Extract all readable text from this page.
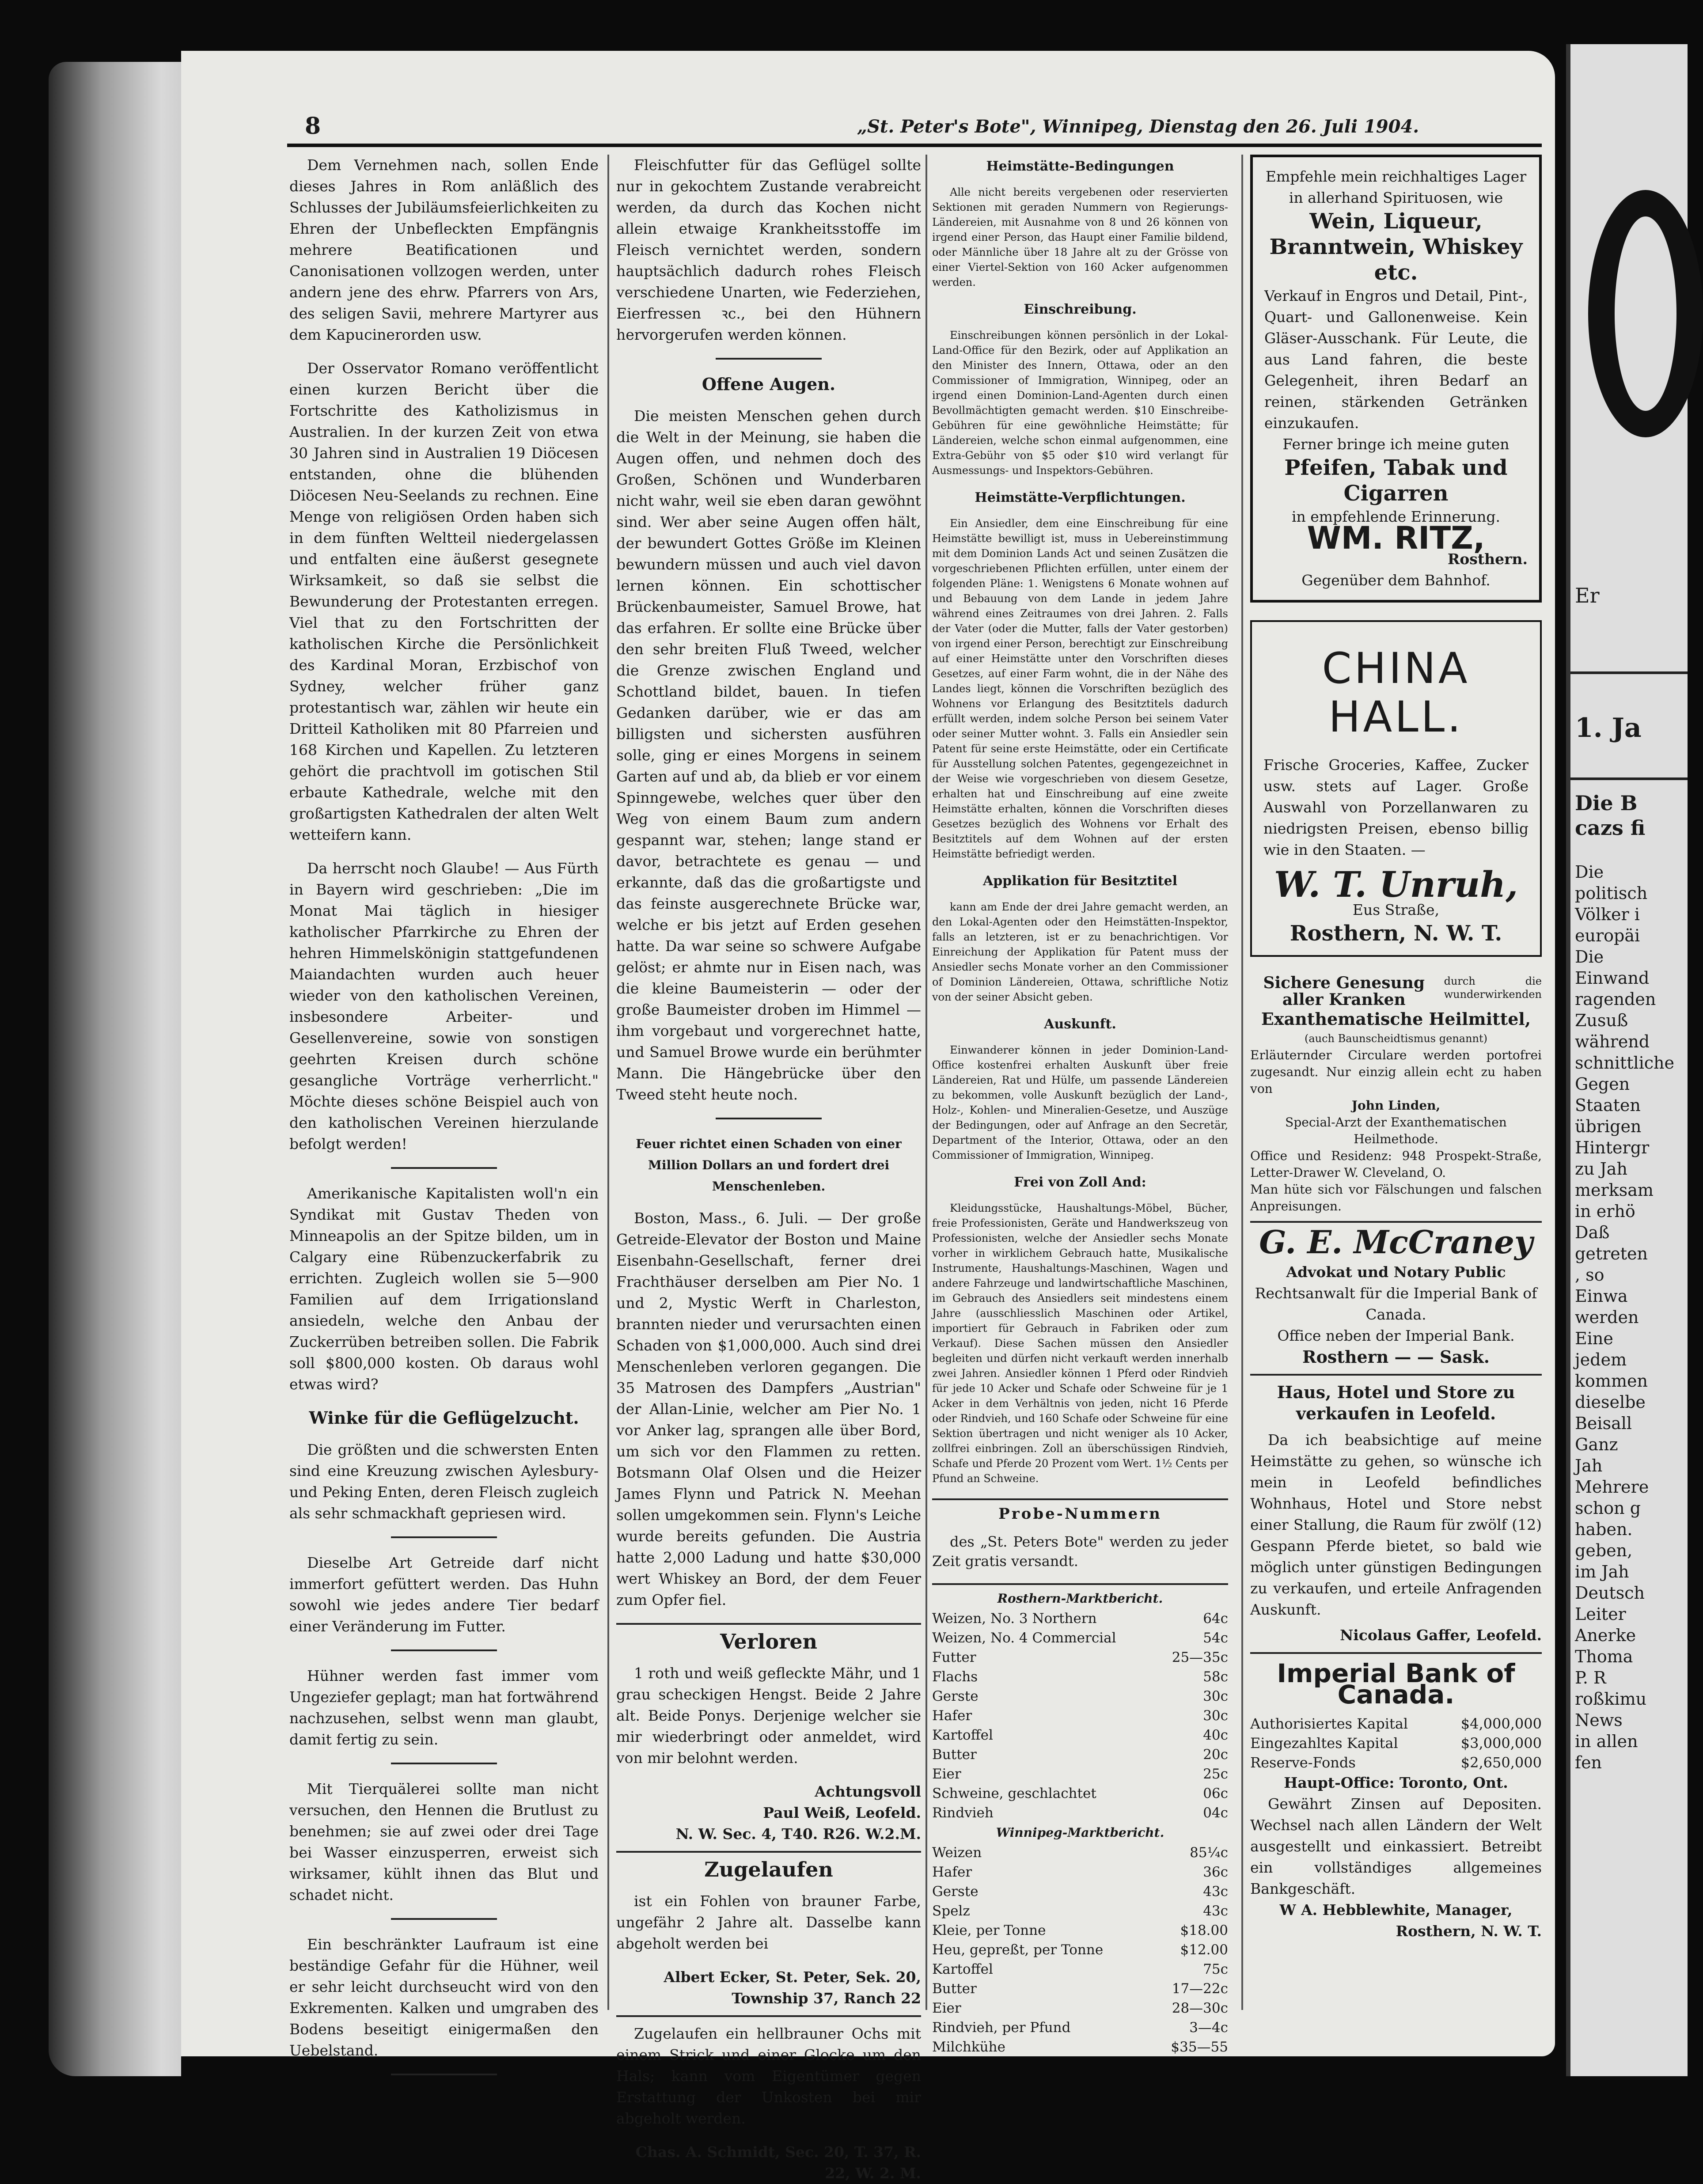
8	„St. Peter's Bote", Winnipeg, Dienstag den 26. Juli 1904.

Dem Vernehmen nach, sollen Ende dieses Jahres in Rom anläßlich des Schlusses der Jubiläumsfeierlichkeiten zu Ehren der Unbefleckten Empfängnis mehrere Beatificationen und Canonisationen vollzogen werden, unter andern jene des ehrw. Pfarrers von Ars, des seligen Savii, mehrere Martyrer aus dem Kapucinerorden usw.

Der Osservator Romano veröffentlicht einen kurzen Bericht über die Fortschritte des Katholizismus in Australien. In der kurzen Zeit von etwa 30 Jahren sind in Australien 19 Diöcesen entstanden, ohne die blühenden Diöcesen Neu-Seelands zu rechnen. Eine Menge von religiösen Orden haben sich in dem fünften Weltteil niedergelassen und entfalten eine äußerst gesegnete Wirksamkeit, so daß sie selbst die Bewunderung der Protestanten erregen. Viel that zu den Fortschritten der katholischen Kirche die Persönlichkeit des Kardinal Moran, Erzbischof von Sydney, welcher früher ganz protestantisch war, zählen wir heute ein Dritteil Katholiken mit 80 Pfarreien und 168 Kirchen und Kapellen. Zu letzteren gehört die prachtvoll im gotischen Stil erbaute Kathedrale, welche mit den großartigsten Kathedralen der alten Welt wetteifern kann.

Da herrscht noch Glaube! — Aus Fürth in Bayern wird geschrieben: „Die im Monat Mai täglich in hiesiger katholischer Pfarrkirche zu Ehren der hehren Himmelskönigin stattgefundenen Maiandachten wurden auch heuer wieder von den katholischen Vereinen, insbesondere Arbeiter- und Gesellenvereine, sowie von sonstigen geehrten Kreisen durch schöne gesangliche Vorträge verherrlicht." Möchte dieses schöne Beispiel auch von den katholischen Vereinen hierzulande befolgt werden!

Amerikanische Kapitalisten woll'n ein Syndikat mit Gustav Theden von Minneapolis an der Spitze bilden, um in Calgary eine Rübenzuckerfabrik zu errichten. Zugleich wollen sie 5—900 Familien auf dem Irrigationsland ansiedeln, welche den Anbau der Zuckerrüben betreiben sollen. Die Fabrik soll $800,000 kosten. Ob daraus wohl etwas wird?

Winke für die Geflügelzucht.

Die größten und die schwersten Enten sind eine Kreuzung zwischen Aylesbury- und Peking Enten, deren Fleisch zugleich als sehr schmackhaft gepriesen wird.

Dieselbe Art Getreide darf nicht immerfort gefüttert werden. Das Huhn sowohl wie jedes andere Tier bedarf einer Veränderung im Futter.

Hühner werden fast immer vom Ungeziefer geplagt; man hat fortwährend nachzusehen, selbst wenn man glaubt, damit fertig zu sein.

Mit Tierquälerei sollte man nicht versuchen, den Hennen die Brutlust zu benehmen; sie auf zwei oder drei Tage bei Wasser einzusperren, erweist sich wirksamer, kühlt ihnen das Blut und schadet nicht.

Ein beschränkter Laufraum ist eine beständige Gefahr für die Hühner, weil er sehr leicht durchseucht wird von den Exkrementen. Kalken und umgraben des Bodens beseitigt einigermaßen den Uebelstand.

Fleischfutter für das Geflügel sollte nur in gekochtem Zustande verabreicht werden, da durch das Kochen nicht allein etwaige Krankheitsstoffe im Fleisch vernichtet werden, sondern hauptsächlich dadurch rohes Fleisch verschiedene Unarten, wie Federziehen, Eierfressen ꝛc., bei den Hühnern hervorgerufen werden können.

Offene Augen.

Die meisten Menschen gehen durch die Welt in der Meinung, sie haben die Augen offen, und nehmen doch des Großen, Schönen und Wunderbaren nicht wahr, weil sie eben daran gewöhnt sind. Wer aber seine Augen offen hält, der bewundert Gottes Größe im Kleinen bewundern müssen und auch viel davon lernen können. Ein schottischer Brückenbaumeister, Samuel Browe, hat das erfahren. Er sollte eine Brücke über den sehr breiten Fluß Tweed, welcher die Grenze zwischen England und Schottland bildet, bauen. In tiefen Gedanken darüber, wie er das am billigsten und sichersten ausführen solle, ging er eines Morgens in seinem Garten auf und ab, da blieb er vor einem Spinngewebe, welches quer über den Weg von einem Baum zum andern gespannt war, stehen; lange stand er davor, betrachtete es genau — und erkannte, daß das die großartigste und das feinste ausgerechnete Brücke war, welche er bis jetzt auf Erden gesehen hatte. Da war seine so schwere Aufgabe gelöst; er ahmte nur in Eisen nach, was die kleine Baumeisterin — oder der große Baumeister droben im Himmel — ihm vorgebaut und vorgerechnet hatte, und Samuel Browe wurde ein berühmter Mann. Die Hängebrücke über den Tweed steht heute noch.

Feuer richtet einen Schaden von einer Million Dollars an und fordert drei Menschenleben.

Boston, Mass., 6. Juli. — Der große Getreide-Elevator der Boston und Maine Eisenbahn-Gesellschaft, ferner drei Frachthäuser derselben am Pier No. 1 und 2, Mystic Werft in Charleston, brannten nieder und verursachten einen Schaden von $1,000,000. Auch sind drei Menschenleben verloren gegangen. Die 35 Matrosen des Dampfers „Austrian" der Allan-Linie, welcher am Pier No. 1 vor Anker lag, sprangen alle über Bord, um sich vor den Flammen zu retten. Botsmann Olaf Olsen und die Heizer James Flynn und Patrick N. Meehan sollen umgekommen sein. Flynn's Leiche wurde bereits gefunden. Die Austria hatte 2,000 Ladung und hatte $30,000 wert Whiskey an Bord, der dem Feuer zum Opfer fiel.

Verloren

1 roth und weiß gefleckte Mähr, und 1 grau scheckigen Hengst. Beide 2 Jahre alt. Beide Ponys. Derjenige welcher sie mir wiederbringt oder anmeldet, wird von mir belohnt werden.

Achtungsvoll
Paul Weiß, Leofeld.
N. W. Sec. 4, T40. R26. W.2.M.
Zugelaufen

ist ein Fohlen von brauner Farbe, ungefähr 2 Jahre alt. Dasselbe kann abgeholt werden bei

Albert Ecker, St. Peter, Sek. 20, Township 37, Ranch 22

Zugelaufen ein hellbrauner Ochs mit einem Strick und einer Glocke um den Hals; kann vom Eigentümer gegen Erstattung der Unkosten bei mir abgeholt werden.

Chas. A. Schmidt, Sec. 20, T. 37, R. 22, W. 2. M.
Heimstätte-Bedingungen

Alle nicht bereits vergebenen oder reservierten Sektionen mit geraden Nummern von Regierungs-Ländereien, mit Ausnahme von 8 und 26 können von irgend einer Person, das Haupt einer Familie bildend, oder Männliche über 18 Jahre alt zu der Grösse von einer Viertel-Sektion von 160 Acker aufgenommen werden.

Einschreibung.

Einschreibungen können persönlich in der Lokal-Land-Office für den Bezirk, oder auf Applikation an den Minister des Innern, Ottawa, oder an den Commissioner of Immigration, Winnipeg, oder an irgend einen Dominion-Land-Agenten durch einen Bevollmächtigten gemacht werden. $10 Einschreibe-Gebühren für eine gewöhnliche Heimstätte; für Ländereien, welche schon einmal aufgenommen, eine Extra-Gebühr von $5 oder $10 wird verlangt für Ausmessungs- und Inspektors-Gebühren.

Heimstätte-Verpflichtungen.

Ein Ansiedler, dem eine Einschreibung für eine Heimstätte bewilligt ist, muss in Uebereinstimmung mit dem Dominion Lands Act und seinen Zusätzen die vorgeschriebenen Pflichten erfüllen, unter einem der folgenden Pläne: 1. Wenigstens 6 Monate wohnen auf und Bebauung von dem Lande in jedem Jahre während eines Zeitraumes von drei Jahren. 2. Falls der Vater (oder die Mutter, falls der Vater gestorben) von irgend einer Person, berechtigt zur Einschreibung auf einer Heimstätte unter den Vorschriften dieses Gesetzes, auf einer Farm wohnt, die in der Nähe des Landes liegt, können die Vorschriften bezüglich des Wohnens vor Erlangung des Besitztitels dadurch erfüllt werden, indem solche Person bei seinem Vater oder seiner Mutter wohnt. 3. Falls ein Ansiedler sein Patent für seine erste Heimstätte, oder ein Certificate für Ausstellung solchen Patentes, gegengezeichnet in der Weise wie vorgeschrieben von diesem Gesetze, erhalten hat und Einschreibung auf eine zweite Heimstätte erhalten, können die Vorschriften dieses Gesetzes bezüglich des Wohnens vor Erhalt des Besitztitels auf dem Wohnen auf der ersten Heimstätte befriedigt werden.

Applikation für Besitztitel

kann am Ende der drei Jahre gemacht werden, an den Lokal-Agenten oder den Heimstätten-Inspektor, falls an letzteren, ist er zu benachrichtigen. Vor Einreichung der Applikation für Patent muss der Ansiedler sechs Monate vorher an den Commissioner of Dominion Ländereien, Ottawa, schriftliche Notiz von der seiner Absicht geben.

Auskunft.

Einwanderer können in jeder Dominion-Land-Office kostenfrei erhalten Auskunft über freie Ländereien, Rat und Hülfe, um passende Ländereien zu bekommen, volle Auskunft bezüglich der Land-, Holz-, Kohlen- und Mineralien-Gesetze, und Auszüge der Bedingungen, oder auf Anfrage an den Secretär, Department of the Interior, Ottawa, oder an den Commissioner of Immigration, Winnipeg.

Frei von Zoll And:

Kleidungsstücke, Haushaltungs-Möbel, Bücher, freie Professionisten, Geräte und Handwerkszeug von Professionisten, welche der Ansiedler sechs Monate vorher in wirklichem Gebrauch hatte, Musikalische Instrumente, Haushaltungs-Maschinen, Wagen und andere Fahrzeuge und landwirtschaftliche Maschinen, im Gebrauch des Ansiedlers seit mindestens einem Jahre (ausschliesslich Maschinen oder Artikel, importiert für Gebrauch in Fabriken oder zum Verkauf). Diese Sachen müssen den Ansiedler begleiten und dürfen nicht verkauft werden innerhalb zwei Jahren. Ansiedler können 1 Pferd oder Rindvieh für jede 10 Acker und Schafe oder Schweine für je 1 Acker in dem Verhältnis von jeden, nicht 16 Pferde oder Rindvieh, und 160 Schafe oder Schweine für eine Sektion übertragen und nicht weniger als 10 Acker, zollfrei einbringen. Zoll an überschüssigen Rindvieh, Schafe und Pferde 20 Prozent vom Wert. 1½ Cents per Pfund an Schweine.

Probe-Nummern

des „St. Peters Bote" werden zu jeder Zeit gratis versandt.

Rosthern-Marktbericht.
Weizen, No. 3 Northern	64c
Weizen, No. 4 Commercial	54c
Futter	25—35c
Flachs	58c
Gerste	30c
Hafer	30c
Kartoffel	40c
Butter	20c
Eier	25c
Schweine, geschlachtet	06c
Rindvieh	04c
Winnipeg-Marktbericht.
Weizen	85¼c
Hafer	36c
Gerste	43c
Spelz	43c
Kleie, per Tonne	$18.00
Heu, gepreßt, per Tonne	$12.00
Kartoffel	75c
Butter	17—22c
Eier	28—30c
Rindvieh, per Pfund	3—4c
Milchkühe	$35—55
Empfehle mein reichhaltiges Lager in allerhand Spirituosen, wie
Wein, Liqueur, Branntwein, Whiskey etc.
Verkauf in Engros und Detail, Pint-, Quart- und Gallonenweise. Kein Gläser-Ausschank. Für Leute, die aus Land fahren, die beste Gelegenheit, ihren Bedarf an reinen, stärkenden Getränken einzukaufen.
Ferner bringe ich meine guten
Pfeifen, Tabak und Cigarren
in empfehlende Erinnerung.
WM. RITZ,
Rosthern.
Gegenüber dem Bahnhof.
CHINA HALL.
Frische Groceries, Kaffee, Zucker usw. stets auf Lager. Große Auswahl von Porzellanwaren zu niedrigsten Preisen, ebenso billig wie in den Staaten. —
W. T. Unruh,
Eus Straße,
Rosthern, N. W. T.
Sichere Genesung aller Kranken
durch die wunderwirkenden
Exanthematische Heilmittel,
(auch Baunscheidtismus genannt)
Erläuternder Circulare werden portofrei zugesandt. Nur einzig allein echt zu haben von
John Linden,
Special-Arzt der Exanthematischen Heilmethode.
Office und Residenz: 948 Prospekt-Straße, Letter-Drawer W. Cleveland, O.
Man hüte sich vor Fälschungen und falschen Anpreisungen.
G. E. McCraney
Advokat und Notary Public
Rechtsanwalt für die Imperial Bank of Canada.
Office neben der Imperial Bank.
Rosthern — — Sask.
Haus, Hotel und Store zu verkaufen in Leofeld.

Da ich beabsichtige auf meine Heimstätte zu gehen, so wünsche ich mein in Leofeld befindliches Wohnhaus, Hotel und Store nebst einer Stallung, die Raum für zwölf (12) Gespann Pferde bietet, so bald wie möglich unter günstigen Bedingungen zu verkaufen, und erteile Anfragenden Auskunft.

Nicolaus Gaffer, Leofeld.
Imperial Bank of Canada.
Authorisiertes Kapital	$4,000,000
Eingezahltes Kapital	$3,000,000
Reserve-Fonds	$2,650,000
Haupt-Office: Toronto, Ont.

Gewährt Zinsen auf Depositen. Wechsel nach allen Ländern der Welt ausgestellt und einkassiert. Betreibt ein vollständiges allgemeines Bankgeschäft.

W A. Hebblewhite, Manager,
Rosthern, N. W. T.
Er
1. Ja
Die B
cazs fi
Die
politisch
Völker i
europäi
Die
Einwand
ragenden
Zusuß
während
schnittliche
Gegen
Staaten
übrigen
Hintergr
zu Jah
merksam
in erhö
Daß
getreten
, so
Einwa
werden
Eine
jedem
kommen
dieselbe
Beisall
Ganz
Jah
Mehrere
schon g
haben.
geben,
im Jah
Deutsch
Leiter
Anerke
Thoma
P. R
roßkimu
News
in allen
fen
